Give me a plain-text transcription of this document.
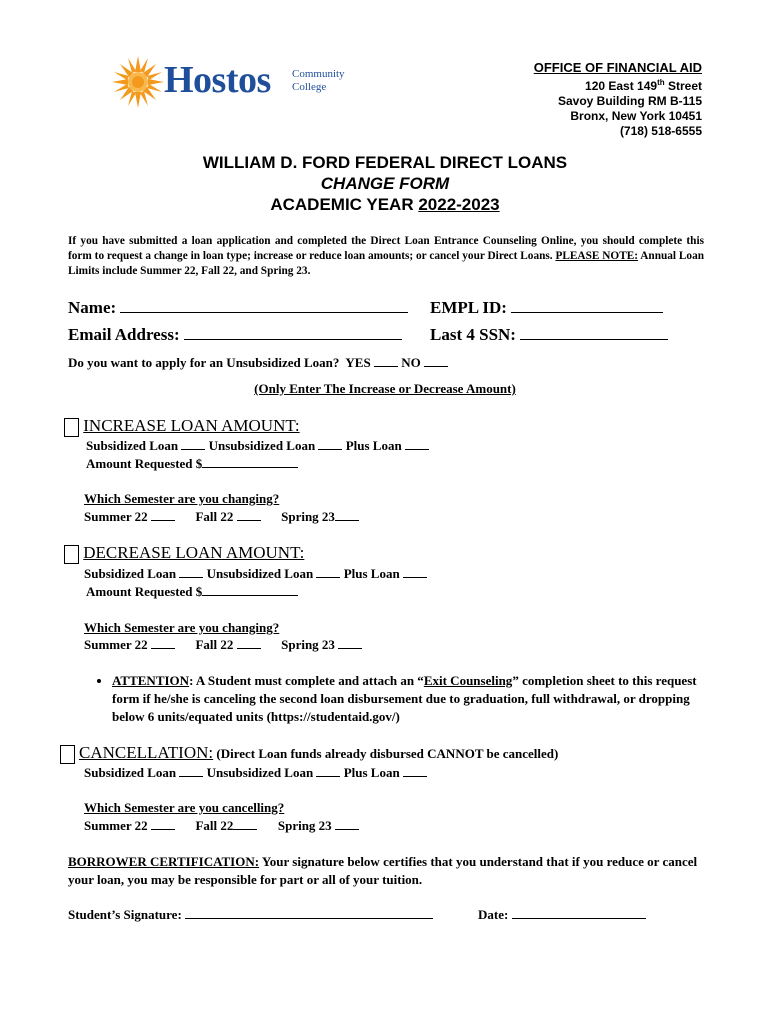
Hostos Community
College
OFFICE OF FINANCIAL AID
120 East 149th Street
Savoy Building RM B-115
Bronx, New York 10451
(718) 518-6555
WILLIAM D. FORD FEDERAL DIRECT LOANS
CHANGE FORM
ACADEMIC YEAR 2022-2023
If you have submitted a loan application and completed the Direct Loan Entrance Counseling Online, you should complete this form to request a change in loan type; increase or reduce loan amounts; or cancel your Direct Loans. PLEASE NOTE: Annual Loan Limits include Summer 22, Fall 22, and Spring 23.
Name:	EMPL ID:
Email Address:	Last 4 SSN:
Do you want to apply for an Unsubsidized Loan? YES NO
(Only Enter The Increase or Decrease Amount)
INCREASE LOAN AMOUNT:
Subsidized Loan Unsubsidized Loan Plus Loan
Amount Requested $
Which Semester are you changing?
Summer 22	Fall 22	Spring 23
DECREASE LOAN AMOUNT:
Subsidized Loan Unsubsidized Loan Plus Loan
Amount Requested $
Which Semester are you changing?
Summer 22	Fall 22	Spring 23
• ATTENTION: A Student must complete and attach an “Exit Counseling” completion sheet to this request form if he/she is canceling the second loan disbursement due to graduation, full withdrawal, or dropping below 6 units/equated units (https://studentaid.gov/)
CANCELLATION: (Direct Loan funds already disbursed CANNOT be cancelled)
Subsidized Loan Unsubsidized Loan Plus Loan
Which Semester are you cancelling?
Summer 22	Fall 22	Spring 23
BORROWER CERTIFICATION: Your signature below certifies that you understand that if you reduce or cancel your loan, you may be responsible for part or all of your tuition.
Student’s Signature:	Date:
